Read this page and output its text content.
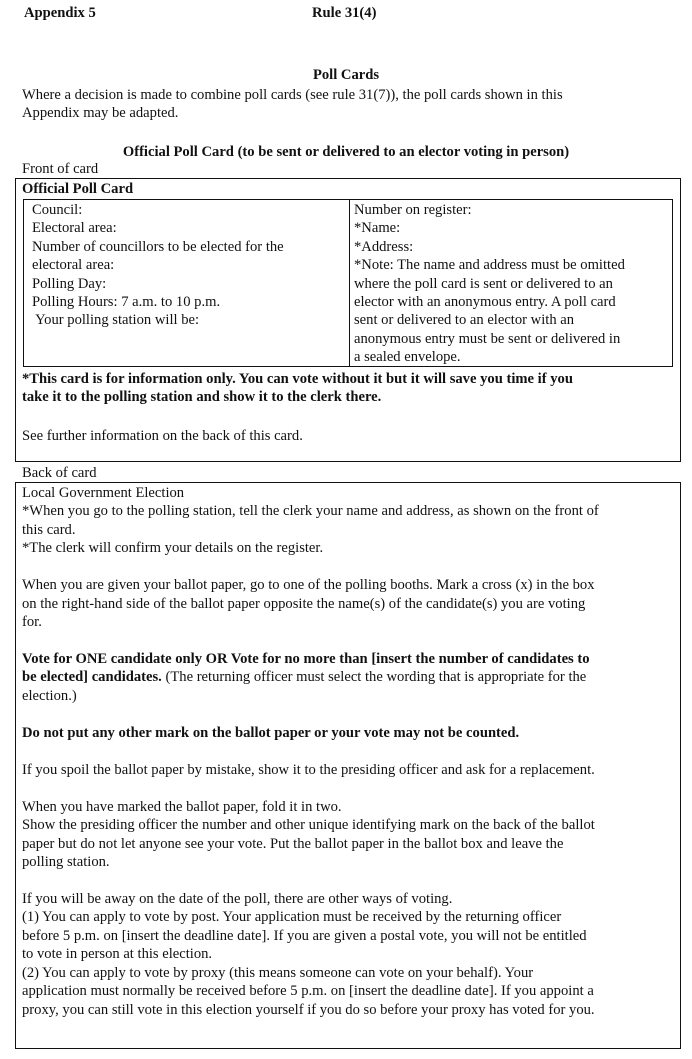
Appendix 5	Rule 31(4)
Poll Cards
Where a decision is made to combine poll cards (see rule 31(7)), the poll cards shown in this
Appendix may be adapted.
Official Poll Card (to be sent or delivered to an elector voting in person)
Front of card
Official Poll Card
Council:
Electoral area:
Number of councillors to be elected for the
electoral area:
Polling Day:
Polling Hours: 7 a.m. to 10 p.m.
Your polling station will be:
Number on register:
*Name:
*Address:
*Note: The name and address must be omitted
where the poll card is sent or delivered to an
elector with an anonymous entry. A poll card
sent or delivered to an elector with an
anonymous entry must be sent or delivered in
a sealed envelope.
*This card is for information only. You can vote without it but it will save you time if you
take it to the polling station and show it to the clerk there.
See further information on the back of this card.
Back of card

Local Government Election

*When you go to the polling station, tell the clerk your name and address, as shown on the front of

this card.

*The clerk will confirm your details on the register.

When you are given your ballot paper, go to one of the polling booths. Mark a cross (x) in the box

on the right-hand side of the ballot paper opposite the name(s) of the candidate(s) you are voting

for.

Vote for ONE candidate only OR Vote for no more than [insert the number of candidates to

be elected] candidates. (The returning officer must select the wording that is appropriate for the

election.)

Do not put any other mark on the ballot paper or your vote may not be counted.

If you spoil the ballot paper by mistake, show it to the presiding officer and ask for a replacement.

When you have marked the ballot paper, fold it in two.

Show the presiding officer the number and other unique identifying mark on the back of the ballot

paper but do not let anyone see your vote. Put the ballot paper in the ballot box and leave the

polling station.

If you will be away on the date of the poll, there are other ways of voting.

(1) You can apply to vote by post. Your application must be received by the returning officer

before 5 p.m. on [insert the deadline date]. If you are given a postal vote, you will not be entitled

to vote in person at this election.

(2) You can apply to vote by proxy (this means someone can vote on your behalf). Your

application must normally be received before 5 p.m. on [insert the deadline date]. If you appoint a

proxy, you can still vote in this election yourself if you do so before your proxy has voted for you.
